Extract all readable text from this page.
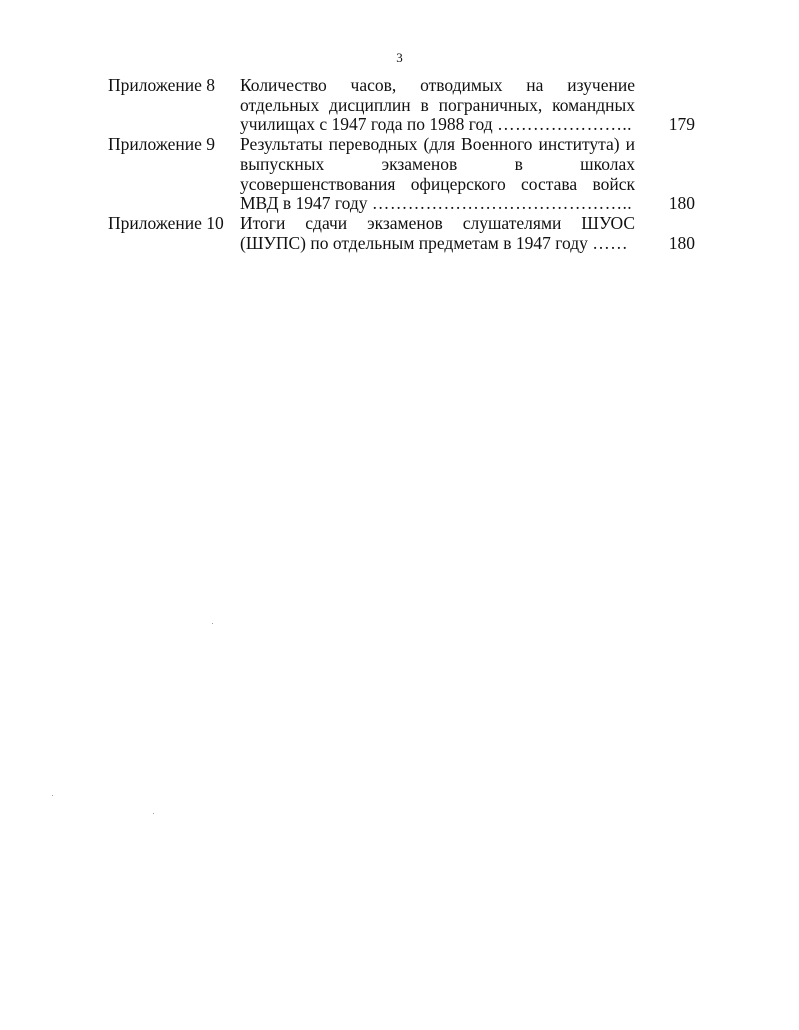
3
Приложение 8 Количество часов, отводимых на изучение
отдельных дисциплин в пограничных, командных
училищах с 1947 года по 1988 год ………………….. 179
Приложение 9 Результаты переводных (для Военного института) и
выпускных экзаменов в школах
усовершенствования офицерского состава войск
МВД в 1947 году …………………………………….. 180
Приложение 10 Итоги сдачи экзаменов слушателями ШУОС
(ШУПС) по отдельным предметам в 1947 году ……	180
